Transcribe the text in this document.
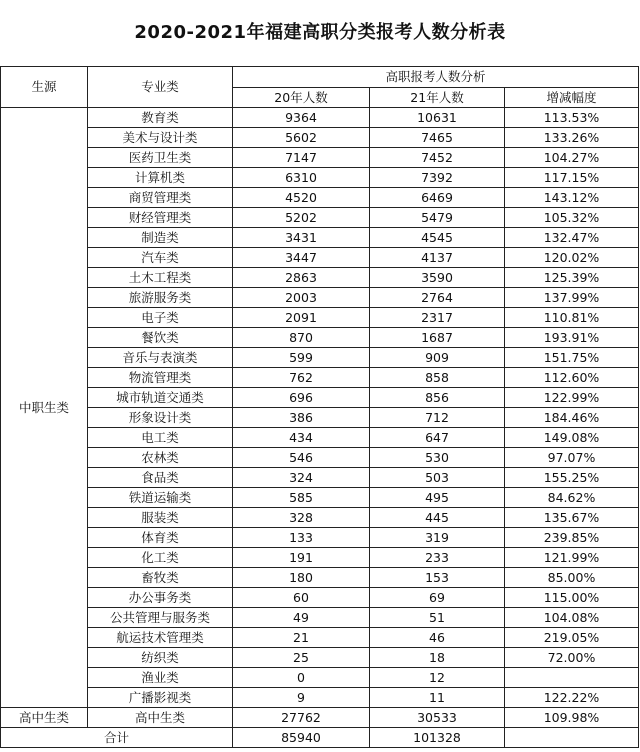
2020-2021年福建高职分类报考人数分析表
生源	专业类	高职报考人数分析		
		20年人数	21年人数	增减幅度
中职生类	教育类	9364	10631	113.53%
	美术与设计类	5602	7465	133.26%
	医药卫生类	7147	7452	104.27%
	计算机类	6310	7392	117.15%
	商贸管理类	4520	6469	143.12%
	财经管理类	5202	5479	105.32%
	制造类	3431	4545	132.47%
	汽车类	3447	4137	120.02%
	土木工程类	2863	3590	125.39%
	旅游服务类	2003	2764	137.99%
	电子类	2091	2317	110.81%
	餐饮类	870	1687	193.91%
	音乐与表演类	599	909	151.75%
	物流管理类	762	858	112.60%
	城市轨道交通类	696	856	122.99%
	形象设计类	386	712	184.46%
	电工类	434	647	149.08%
	农林类	546	530	97.07%
	食品类	324	503	155.25%
	铁道运输类	585	495	84.62%
	服装类	328	445	135.67%
	体育类	133	319	239.85%
	化工类	191	233	121.99%
	畜牧类	180	153	85.00%
	办公事务类	60	69	115.00%
	公共管理与服务类	49	51	104.08%
	航运技术管理类	21	46	219.05%
	纺织类	25	18	72.00%
	渔业类	0	12	
	广播影视类	9	11	122.22%
高中生类	高中生类	27762	30533	109.98%
合计		85940	101328	
